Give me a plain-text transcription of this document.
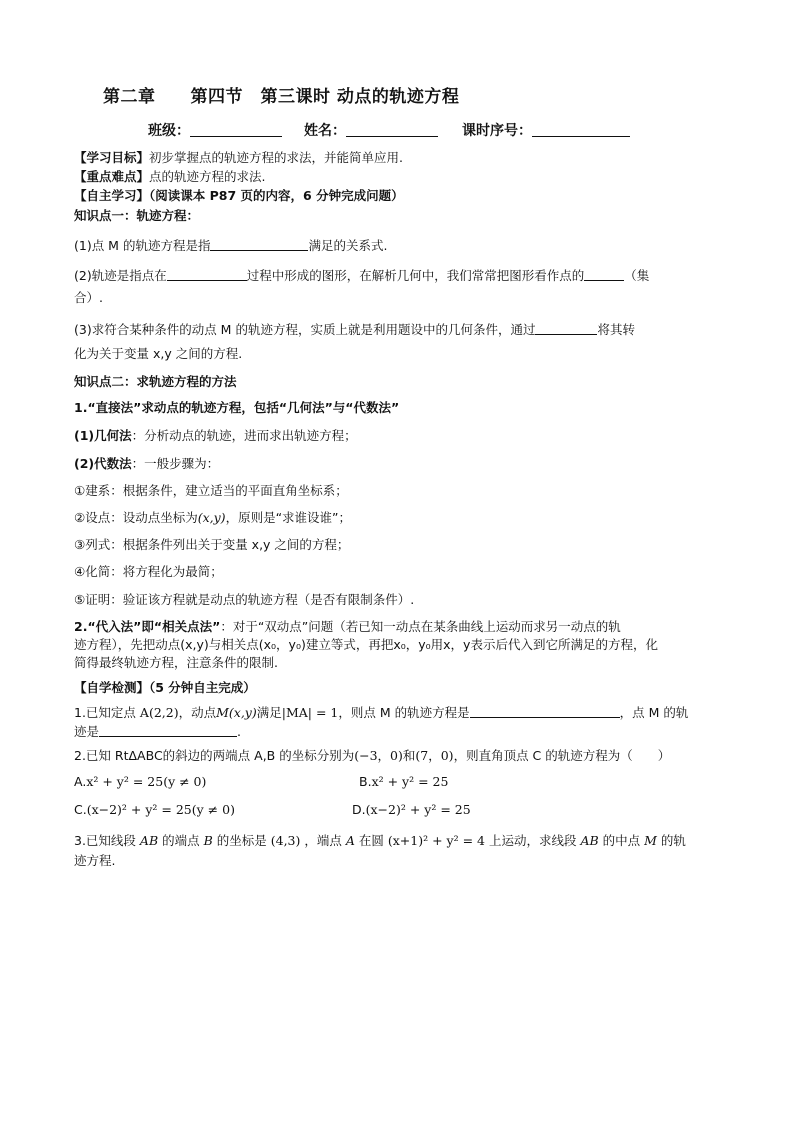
第二章　　第四节　第三课时 动点的轨迹方程
班级：	姓名：	课时序号：
【学习目标】初步掌握点的轨迹方程的求法，并能简单应用.
【重点难点】点的轨迹方程的求法.
【自主学习】（阅读课本 P87 页的内容，6 分钟完成问题）
知识点一：轨迹方程：
(1)点 M 的轨迹方程是指	满足的关系式.
(2)轨迹是指点在	过程中形成的图形，在解析几何中，我们常常把图形看作点的	（集
合）.
(3)求符合某种条件的动点 M 的轨迹方程，实质上就是利用题设中的几何条件，通过	将其转
化为关于变量 x,y 之间的方程.
知识点二：求轨迹方程的方法
1.“直接法”求动点的轨迹方程，包括“几何法”与“代数法”
(1)几何法：分析动点的轨迹，进而求出轨迹方程；
(2)代数法：一般步骤为：
①建系：根据条件，建立适当的平面直角坐标系；
②设点：设动点坐标为(x,y)，原则是“求谁设谁”；
③列式：根据条件列出关于变量 x,y 之间的方程；
④化简：将方程化为最简；
⑤证明：验证该方程就是动点的轨迹方程（是否有限制条件）.
2.“代入法”即“相关点法”：对于“双动点”问题（若已知一动点在某条曲线上运动而求另一动点的轨
迹方程），先把动点(x,y)与相关点(x₀，y₀)建立等式，再把x₀，y₀用x，y表示后代入到它所满足的方程，化
简得最终轨迹方程，注意条件的限制.
【自学检测】（5 分钟自主完成）
1.已知定点 A(2,2)，动点M(x,y)满足|MA| = 1，则点 M 的轨迹方程是	，点 M 的轨
迹是	.
2.已知 RtΔABC的斜边的两端点 A,B 的坐标分别为(−3，0)和(7，0)，则直角顶点 C 的轨迹方程为（　　）
A.x² + y² = 25(y ≠ 0)	B.x² + y² = 25
C.(x−2)² + y² = 25(y ≠ 0)	D.(x−2)² + y² = 25
3.已知线段 AB 的端点 B 的坐标是 (4,3) ，端点 A 在圆 (x+1)² + y² = 4 上运动，求线段 AB 的中点 M 的轨
迹方程.
